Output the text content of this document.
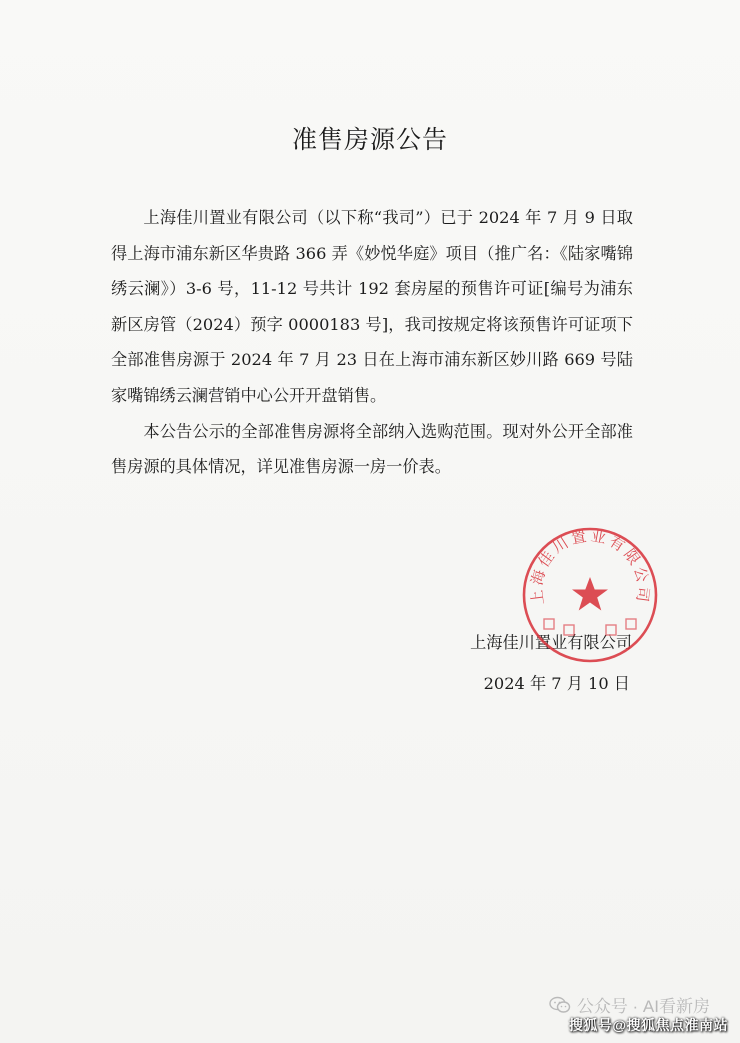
准售房源公告

上海佳川置业有限公司（以下称“我司”）已于 2024 年 7 月 9 日取得上海市浦东新区华贵路 366 弄《妙悦华庭》项目（推广名：《陆家嘴锦绣云澜》）3-6 号，11-12 号共计 192 套房屋的预售许可证[编号为浦东新区房管（2024）预字 0000183 号]，我司按规定将该预售许可证项下全部准售房源于 2024 年 7 月 23 日在上海市浦东新区妙川路 669 号陆家嘴锦绣云澜营销中心公开开盘销售。

本公告公示的全部准售房源将全部纳入选购范围。现对外公开全部准售房源的具体情况，详见准售房源一房一价表。

上海佳川置业有限公司
2024 年 7 月 10 日
上海佳川置业有限公司
公众号 · AI看新房
搜狐号@搜狐焦点淮南站
